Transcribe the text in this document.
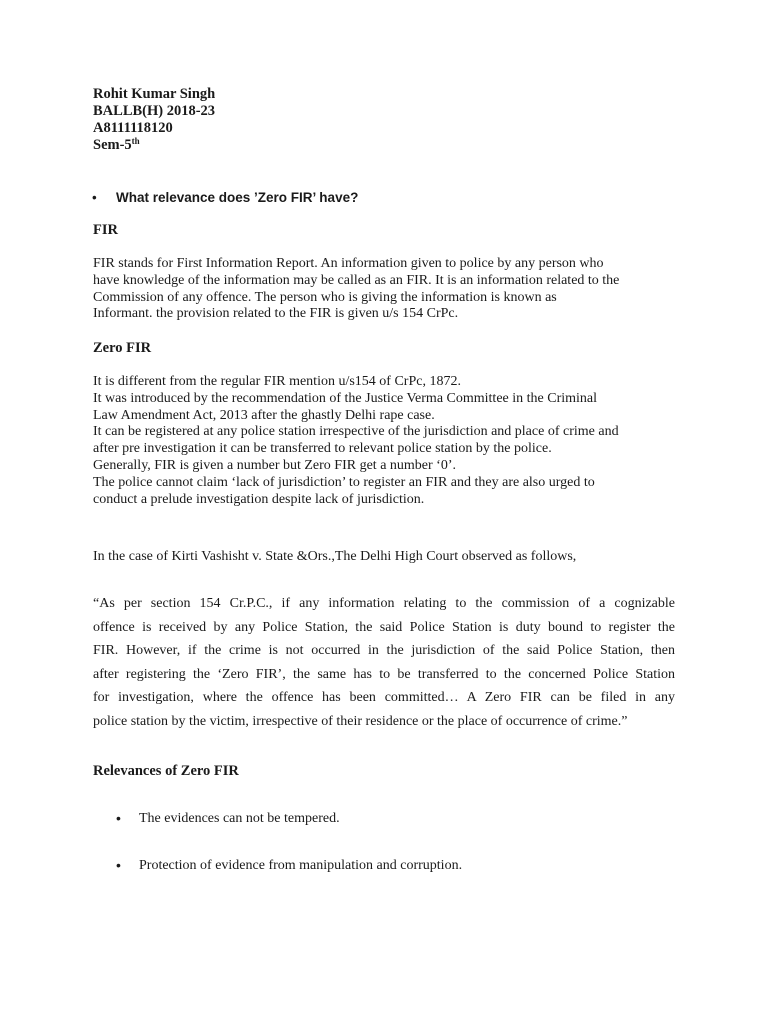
Rohit Kumar Singh
BALLB(H) 2018-23
A8111118120
Sem-5th
• What relevance does ’Zero FIR’ have?
FIR
FIR stands for First Information Report. An information given to police by any person who
have knowledge of the information may be called as an FIR. It is an information related to the
Commission of any offence. The person who is giving the information is known as
Informant. the provision related to the FIR is given u/s 154 CrPc.
Zero FIR
It is different from the regular FIR mention u/s154 of CrPc, 1872.
It was introduced by the recommendation of the Justice Verma Committee in the Criminal
Law Amendment Act, 2013 after the ghastly Delhi rape case.
It can be registered at any police station irrespective of the jurisdiction and place of crime and
after pre investigation it can be transferred to relevant police station by the police.
Generally, FIR is given a number but Zero FIR get a number ‘0’.
The police cannot claim ‘lack of jurisdiction’ to register an FIR and they are also urged to
conduct a prelude investigation despite lack of jurisdiction.
In the case of Kirti Vashisht v. State &Ors.,The Delhi High Court observed as follows,
“As per section 154 Cr.P.C., if any information relating to the commission of a cognizable
offence is received by any Police Station, the said Police Station is duty bound to register the
FIR. However, if the crime is not occurred in the jurisdiction of the said Police Station, then
after registering the ‘Zero FIR’, the same has to be transferred to the concerned Police Station
for investigation, where the offence has been committed… A Zero FIR can be filed in any
police station by the victim, irrespective of their residence or the place of occurrence of crime.”
Relevances of Zero FIR
• The evidences can not be tempered.
• Protection of evidence from manipulation and corruption.
